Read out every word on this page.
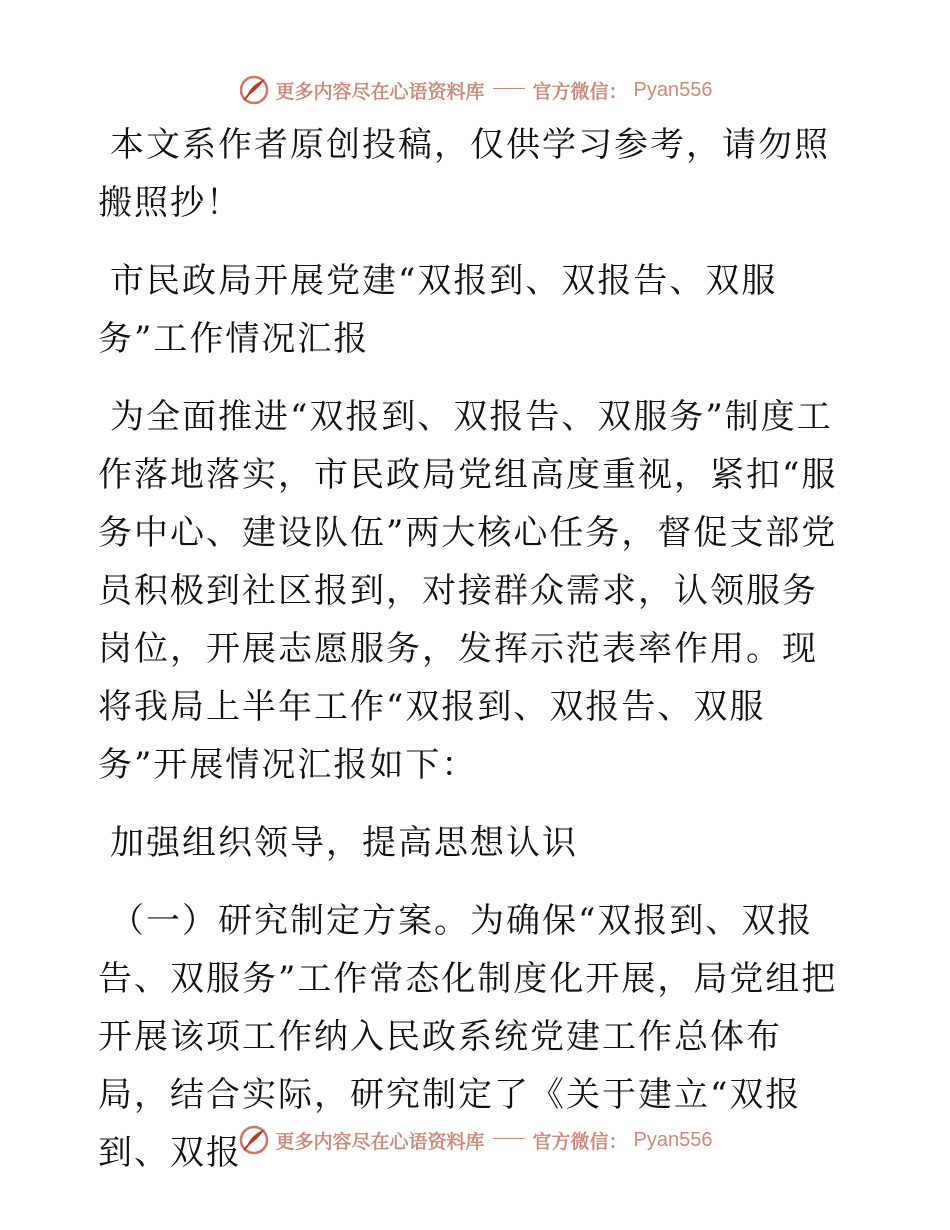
更多内容尽在心语资料库	官方微信： Pyan556

本文系作者原创投稿，仅供学习参考，请勿照搬照抄！

市民政局开展党建“双报到、双报告、双服务”工作情况汇报

为全面推进“双报到、双报告、双服务”制度工作落地落实，市民政局党组高度重视，紧扣“服务中心、建设队伍”两大核心任务，督促支部党员积极到社区报到，对接群众需求，认领服务岗位，开展志愿服务，发挥示范表率作用。现将我局上半年工作“双报到、双报告、双服务”开展情况汇报如下：

加强组织领导，提高思想认识

（一）研究制定方案。为确保“双报到、双报告、双服务”工作常态化制度化开展，局党组把开展该项工作纳入民政系统党建工作总体布局，结合实际，研究制定了《关于建立“双报到、双报	更多内容尽在心语资料库	官方微信： Pyan556
